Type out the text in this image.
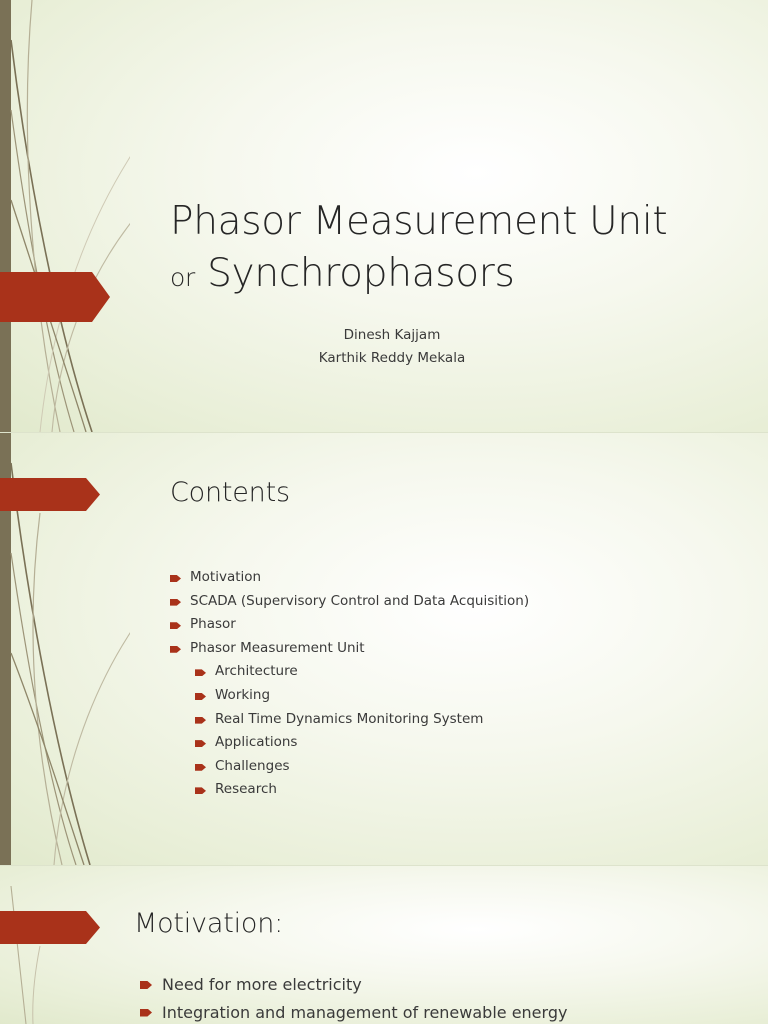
Phasor Measurement Unit
or Synchrophasors
Dinesh Kajjam
Karthik Reddy Mekala
Contents
Motivation
SCADA (Supervisory Control and Data Acquisition)
Phasor
Phasor Measurement Unit
Architecture
Working
Real Time Dynamics Monitoring System
Applications
Challenges
Research
Motivation:
Need for more electricity
Integration and management of renewable energy
